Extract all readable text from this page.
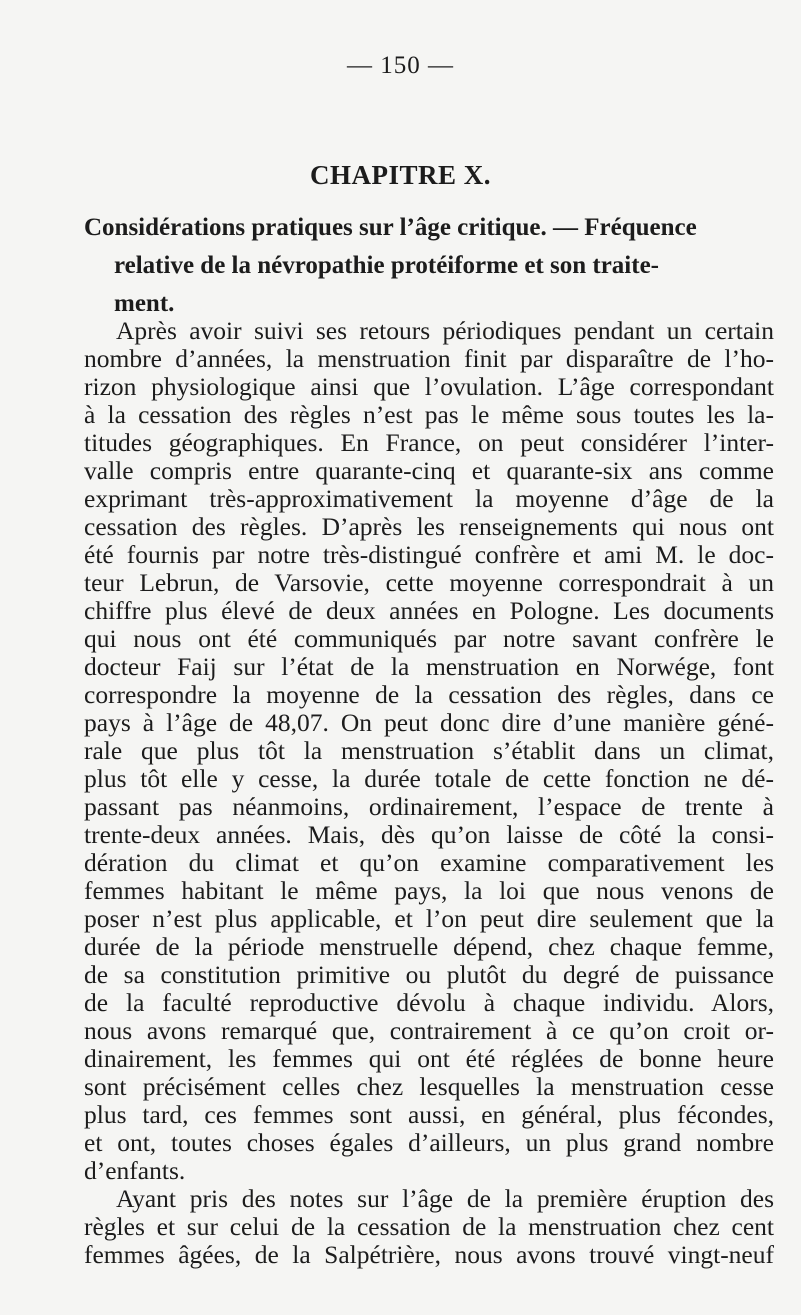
— 150 —
CHAPITRE X.
Considérations pratiques sur l’âge critique. — Fréquence
relative de la névropathie protéiforme et son traite-
ment.
Après avoir suivi ses retours périodiques pendant un certain
nombre d’années, la menstruation finit par disparaître de l’ho-
rizon physiologique ainsi que l’ovulation. L’âge correspondant
à la cessation des règles n’est pas le même sous toutes les la-
titudes géographiques. En France, on peut considérer l’inter-
valle compris entre quarante-cinq et quarante-six ans comme
exprimant très-approximativement la moyenne d’âge de la
cessation des règles. D’après les renseignements qui nous ont
été fournis par notre très-distingué confrère et ami M. le doc-
teur Lebrun, de Varsovie, cette moyenne correspondrait à un
chiffre plus élevé de deux années en Pologne. Les documents
qui nous ont été communiqués par notre savant confrère le
docteur Faij sur l’état de la menstruation en Norwége, font
correspondre la moyenne de la cessation des règles, dans ce
pays à l’âge de 48,07. On peut donc dire d’une manière géné-
rale que plus tôt la menstruation s’établit dans un climat,
plus tôt elle y cesse, la durée totale de cette fonction ne dé-
passant pas néanmoins, ordinairement, l’espace de trente à
trente-deux années. Mais, dès qu’on laisse de côté la consi-
dération du climat et qu’on examine comparativement les
femmes habitant le même pays, la loi que nous venons de
poser n’est plus applicable, et l’on peut dire seulement que la
durée de la période menstruelle dépend, chez chaque femme,
de sa constitution primitive ou plutôt du degré de puissance
de la faculté reproductive dévolu à chaque individu. Alors,
nous avons remarqué que, contrairement à ce qu’on croit or-
dinairement, les femmes qui ont été réglées de bonne heure
sont précisément celles chez lesquelles la menstruation cesse
plus tard, ces femmes sont aussi, en général, plus fécondes,
et ont, toutes choses égales d’ailleurs, un plus grand nombre
d’enfants.
Ayant pris des notes sur l’âge de la première éruption des
règles et sur celui de la cessation de la menstruation chez cent
femmes âgées, de la Salpétrière, nous avons trouvé vingt-neuf
